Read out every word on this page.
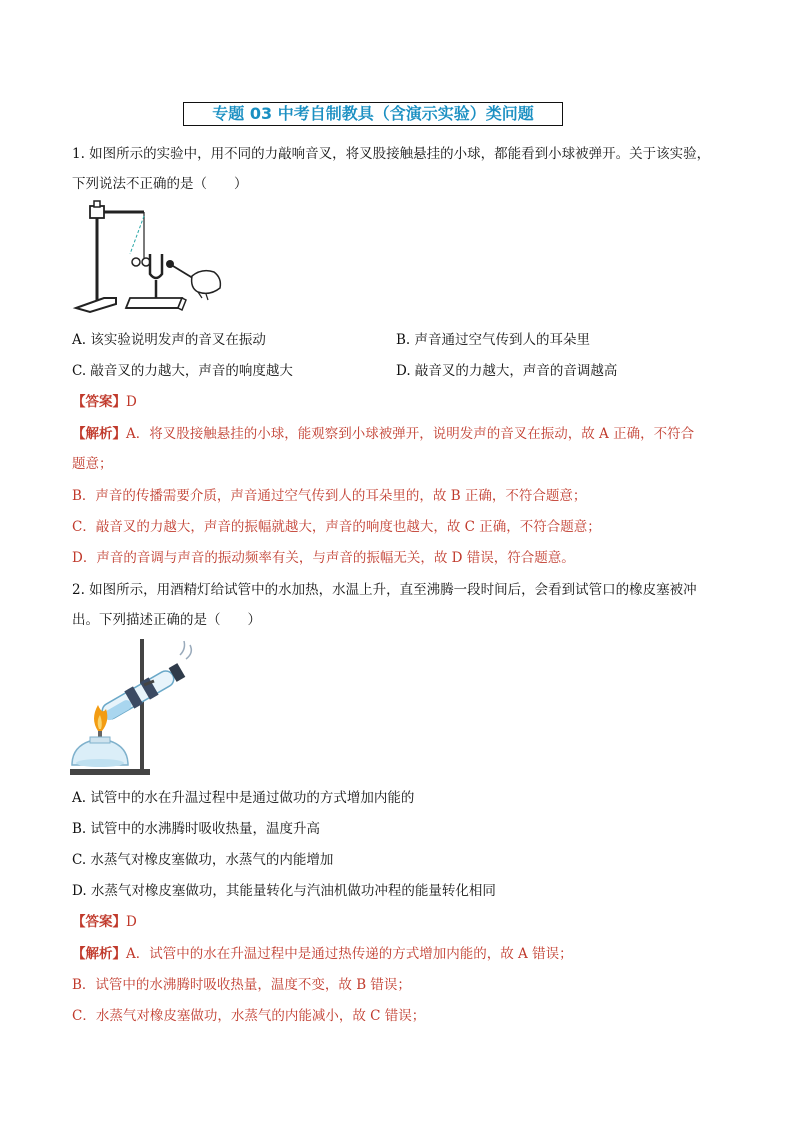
专题 03 中考自制教具（含演示实验）类问题
1. 如图所示的实验中，用不同的力敲响音叉，将叉股接触悬挂的小球，都能看到小球被弹开。关于该实验，
下列说法不正确的是（　　）
A. 该实验说明发声的音叉在振动	B. 声音通过空气传到人的耳朵里
C. 敲音叉的力越大，声音的响度越大	D. 敲音叉的力越大，声音的音调越高
【答案】D
【解析】A．将叉股接触悬挂的小球，能观察到小球被弹开，说明发声的音叉在振动，故 A 正确，不符合
题意；
B．声音的传播需要介质，声音通过空气传到人的耳朵里的，故 B 正确，不符合题意；
C．敲音叉的力越大，声音的振幅就越大，声音的响度也越大，故 C 正确，不符合题意；
D．声音的音调与声音的振动频率有关，与声音的振幅无关，故 D 错误，符合题意。
2. 如图所示，用酒精灯给试管中的水加热，水温上升，直至沸腾一段时间后，会看到试管口的橡皮塞被冲
出。下列描述正确的是（　　）
A. 试管中的水在升温过程中是通过做功的方式增加内能的
B. 试管中的水沸腾时吸收热量，温度升高
C. 水蒸气对橡皮塞做功，水蒸气的内能增加
D. 水蒸气对橡皮塞做功，其能量转化与汽油机做功冲程的能量转化相同
【答案】D
【解析】A．试管中的水在升温过程中是通过热传递的方式增加内能的，故 A 错误；
B．试管中的水沸腾时吸收热量，温度不变，故 B 错误；
C．水蒸气对橡皮塞做功，水蒸气的内能减小，故 C 错误；
